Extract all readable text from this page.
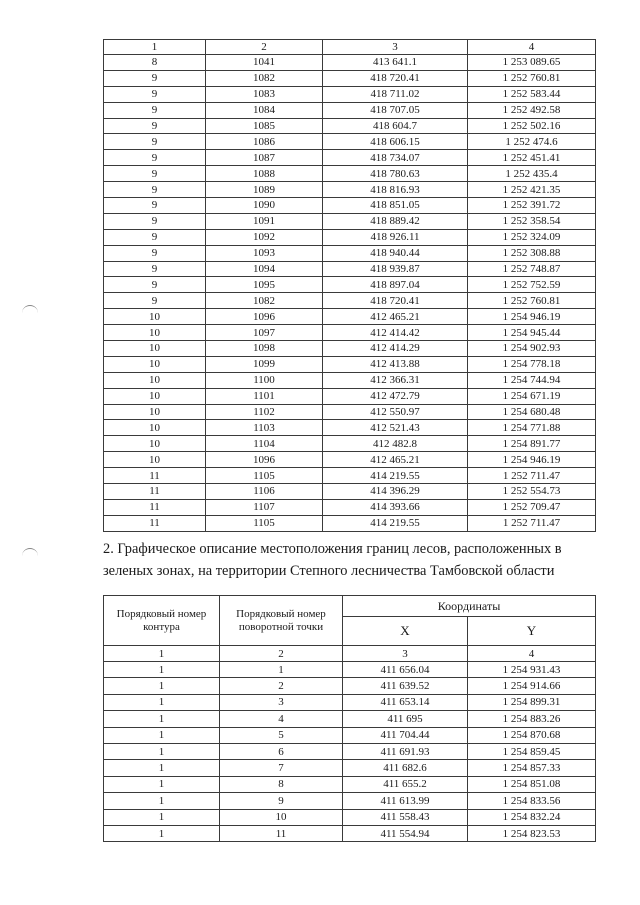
1	2	3	4
8	1041	413 641.1	1 253 089.65
9	1082	418 720.41	1 252 760.81
9	1083	418 711.02	1 252 583.44
9	1084	418 707.05	1 252 492.58
9	1085	418 604.7	1 252 502.16
9	1086	418 606.15	1 252 474.6
9	1087	418 734.07	1 252 451.41
9	1088	418 780.63	1 252 435.4
9	1089	418 816.93	1 252 421.35
9	1090	418 851.05	1 252 391.72
9	1091	418 889.42	1 252 358.54
9	1092	418 926.11	1 252 324.09
9	1093	418 940.44	1 252 308.88
9	1094	418 939.87	1 252 748.87
9	1095	418 897.04	1 252 752.59
9	1082	418 720.41	1 252 760.81
10	1096	412 465.21	1 254 946.19
10	1097	412 414.42	1 254 945.44
10	1098	412 414.29	1 254 902.93
10	1099	412 413.88	1 254 778.18
10	1100	412 366.31	1 254 744.94
10	1101	412 472.79	1 254 671.19
10	1102	412 550.97	1 254 680.48
10	1103	412 521.43	1 254 771.88
10	1104	412 482.8	1 254 891.77
10	1096	412 465.21	1 254 946.19
11	1105	414 219.55	1 252 711.47
11	1106	414 396.29	1 252 554.73
11	1107	414 393.66	1 252 709.47
11	1105	414 219.55	1 252 711.47
2. Графическое описание местоположения границ лесов, расположенных в
зеленых зонах, на территории Степного лесничества Тамбовской области
Порядковый номер контура	Порядковый номер поворотной точки	Координаты	
		X	Y
1	2	3	4
1	1	411 656.04	1 254 931.43
1	2	411 639.52	1 254 914.66
1	3	411 653.14	1 254 899.31
1	4	411 695	1 254 883.26
1	5	411 704.44	1 254 870.68
1	6	411 691.93	1 254 859.45
1	7	411 682.6	1 254 857.33
1	8	411 655.2	1 254 851.08
1	9	411 613.99	1 254 833.56
1	10	411 558.43	1 254 832.24
1	11	411 554.94	1 254 823.53
